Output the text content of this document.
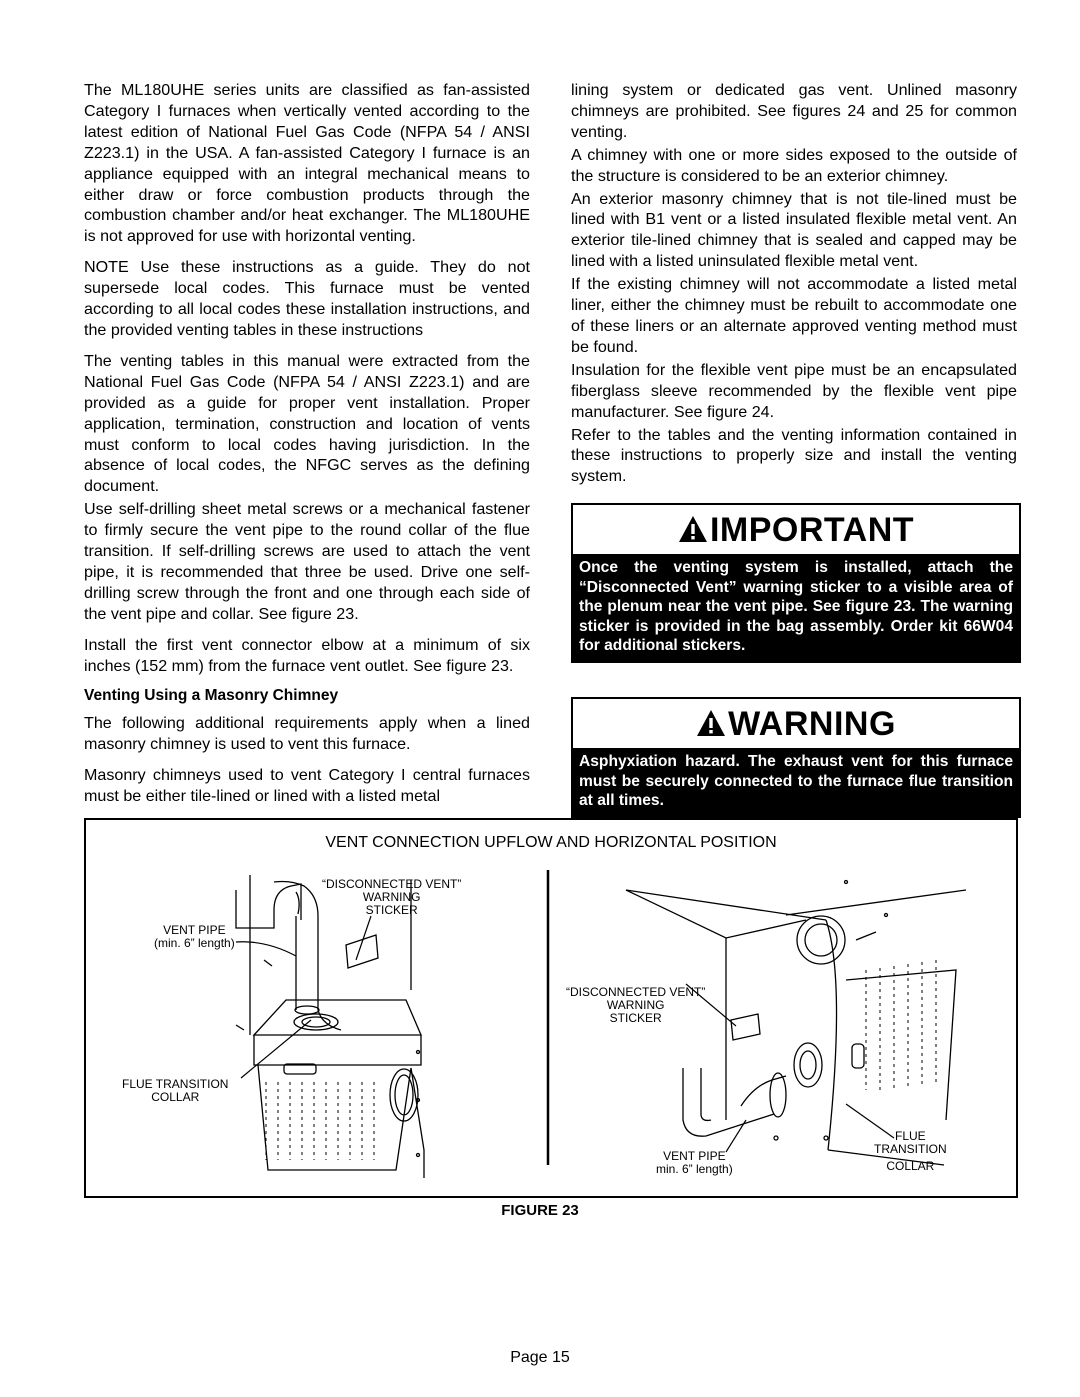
The ML180UHE series units are classified as fan-assisted Category I furnaces when vertically vented according to the latest edition of National Fuel Gas Code (NFPA 54 / ANSI Z223.1) in the USA. A fan-assisted Category I furnace is an appliance equipped with an integral mechanical means to either draw or force combustion products through the combustion chamber and/or heat exchanger. The ML180UHE is not approved for use with horizontal venting.

NOTE Use these instructions as a guide. They do not supersede local codes. This furnace must be vented according to all local codes these installation instructions, and the provided venting tables in these instructions

The venting tables in this manual were extracted from the National Fuel Gas Code (NFPA 54 / ANSI Z223.1) and are provided as a guide for proper vent installation. Proper application, termination, construction and location of vents must conform to local codes having jurisdiction. In the absence of local codes, the NFGC serves as the defining document.

Use self-drilling sheet metal screws or a mechanical fastener to firmly secure the vent pipe to the round collar of the flue transition. If self-drilling screws are used to attach the vent pipe, it is recommended that three be used. Drive one self-drilling screw through the front and one through each side of the vent pipe and collar. See figure 23.

Install the first vent connector elbow at a minimum of six inches (152 mm) from the furnace vent outlet. See figure 23.

Venting Using a Masonry Chimney

The following additional requirements apply when a lined masonry chimney is used to vent this furnace.

Masonry chimneys used to vent Category I central furnaces must be either tile-lined or lined with a listed metal

lining system or dedicated gas vent. Unlined masonry chimneys are prohibited. See figures 24 and 25 for common venting.

A chimney with one or more sides exposed to the outside of the structure is considered to be an exterior chimney.

An exterior masonry chimney that is not tile-lined must be lined with B1 vent or a listed insulated flexible metal vent. An exterior tile-lined chimney that is sealed and capped may be lined with a listed uninsulated flexible metal vent.

If the existing chimney will not accommodate a listed metal liner, either the chimney must be rebuilt to accommodate one of these liners or an alternate approved venting method must be found.

Insulation for the flexible vent pipe must be an encapsulated fiberglass sleeve recommended by the flexible vent pipe manufacturer. See figure 24.

Refer to the tables and the venting information contained in these instructions to properly size and install the venting system.

IMPORTANT
Once the venting system is installed, attach the “Disconnected Vent” warning sticker to a visible area of the plenum near the vent pipe. See figure 23. The warning sticker is provided in the bag assembly. Order kit 66W04 for additional stickers.
WARNING
Asphyxiation hazard. The exhaust vent for this furnace must be securely connected to the furnace flue transition at all times.
VENT CONNECTION UPFLOW AND HORIZONTAL POSITION
“DISCONNECTED VENT”
WARNING
STICKER
VENT PIPE
(min. 6” length)
FLUE TRANSITION
COLLAR
“DISCONNECTED VENT”
WARNING
STICKER
VENT PIPE
min. 6” length)
FLUE
TRANSITION
COLLAR
FIGURE 23
Page 15
